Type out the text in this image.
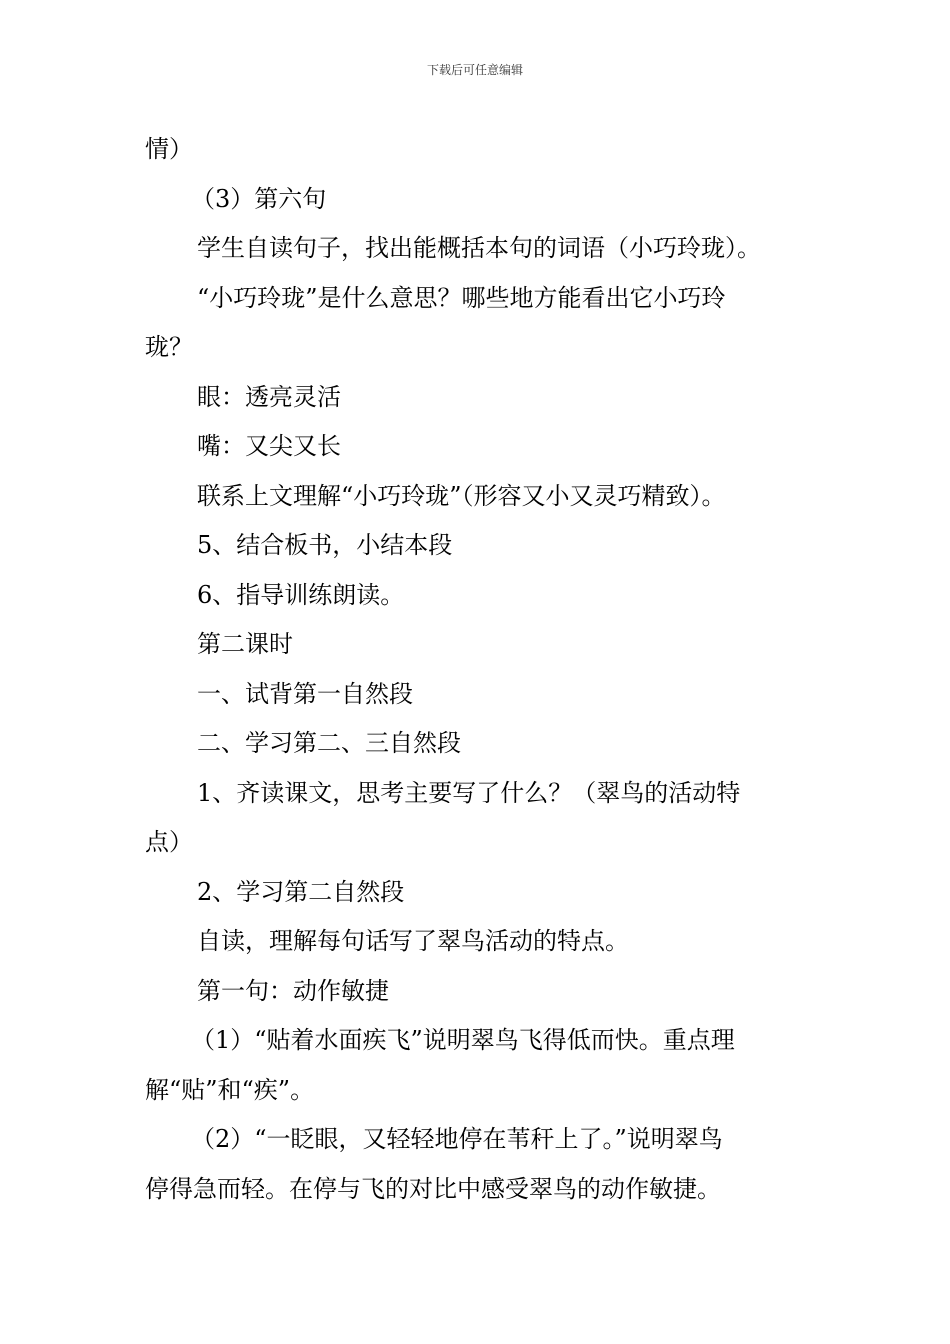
下载后可任意编辑
情）
（3）第六句
学生自读句子，找出能概括本句的词语（小巧玲珑）。
“小巧玲珑”是什么意思？哪些地方能看出它小巧玲
珑？
眼：透亮灵活
嘴：又尖又长
联系上文理解“小巧玲珑”（形容又小又灵巧精致）。
5、结合板书，小结本段
6、指导训练朗读。
第二课时
一、试背第一自然段
二、学习第二、三自然段
1、齐读课文，思考主要写了什么？（翠鸟的活动特
点）
2、学习第二自然段
自读，理解每句话写了翠鸟活动的特点。
第一句：动作敏捷
（1）“贴着水面疾飞”说明翠鸟飞得低而快。重点理
解“贴”和“疾”。
（2）“一眨眼，又轻轻地停在苇秆上了。”说明翠鸟
停得急而轻。在停与飞的对比中感受翠鸟的动作敏捷。
